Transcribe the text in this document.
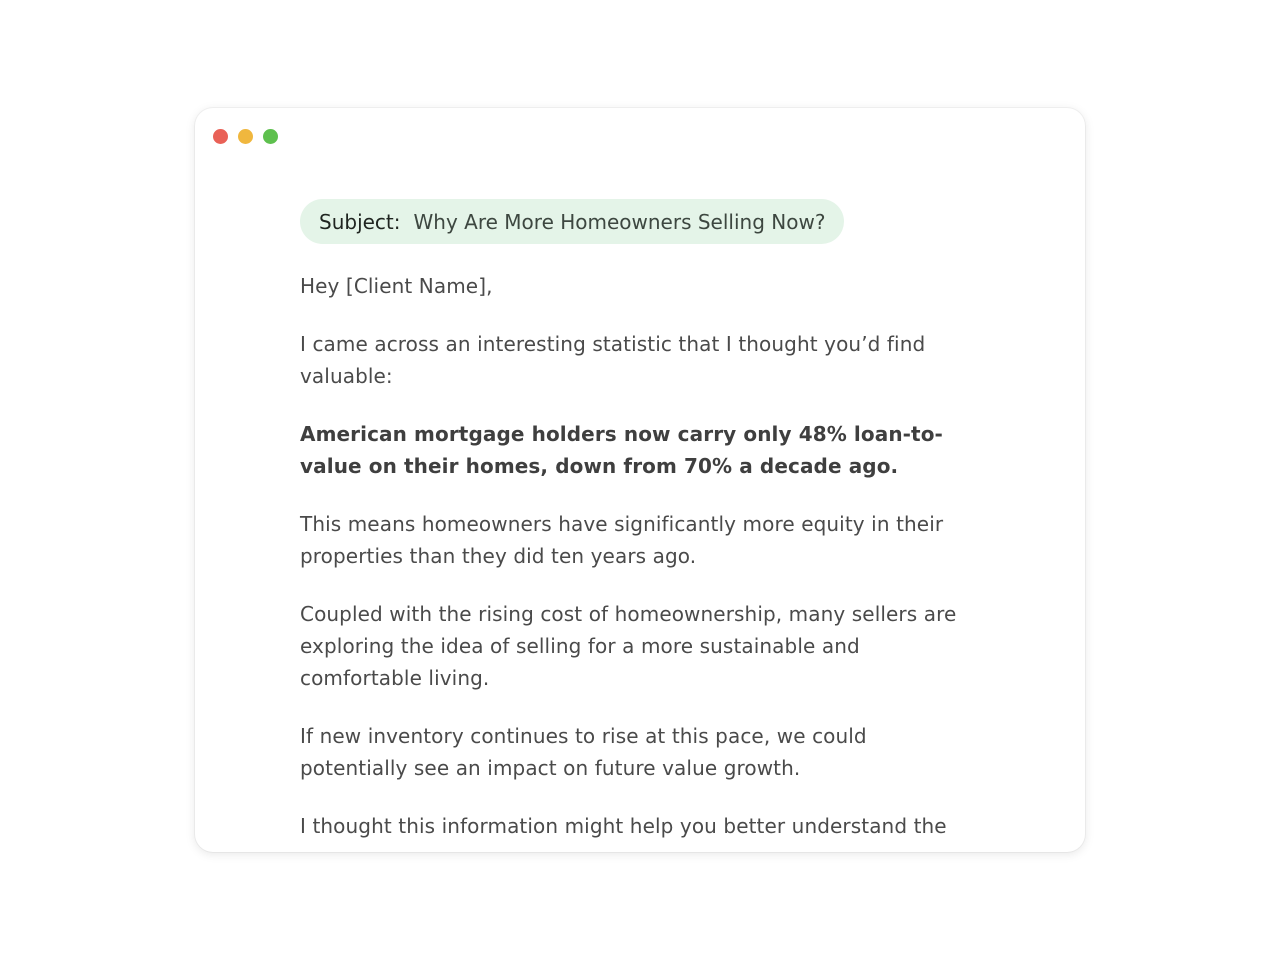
Subject: Why Are More Homeowners Selling Now?

Hey [Client Name],

I came across an interesting statistic that I thought you’d find valuable:

American mortgage holders now carry only 48% loan-to-value on their homes, down from 70% a decade ago.

This means homeowners have significantly more equity in their properties than they did ten years ago.

Coupled with the rising cost of homeownership, many sellers are exploring the idea of selling for a more sustainable and comfortable living.

If new inventory continues to rise at this pace, we could potentially see an impact on future value growth.

I thought this information might help you better understand the
